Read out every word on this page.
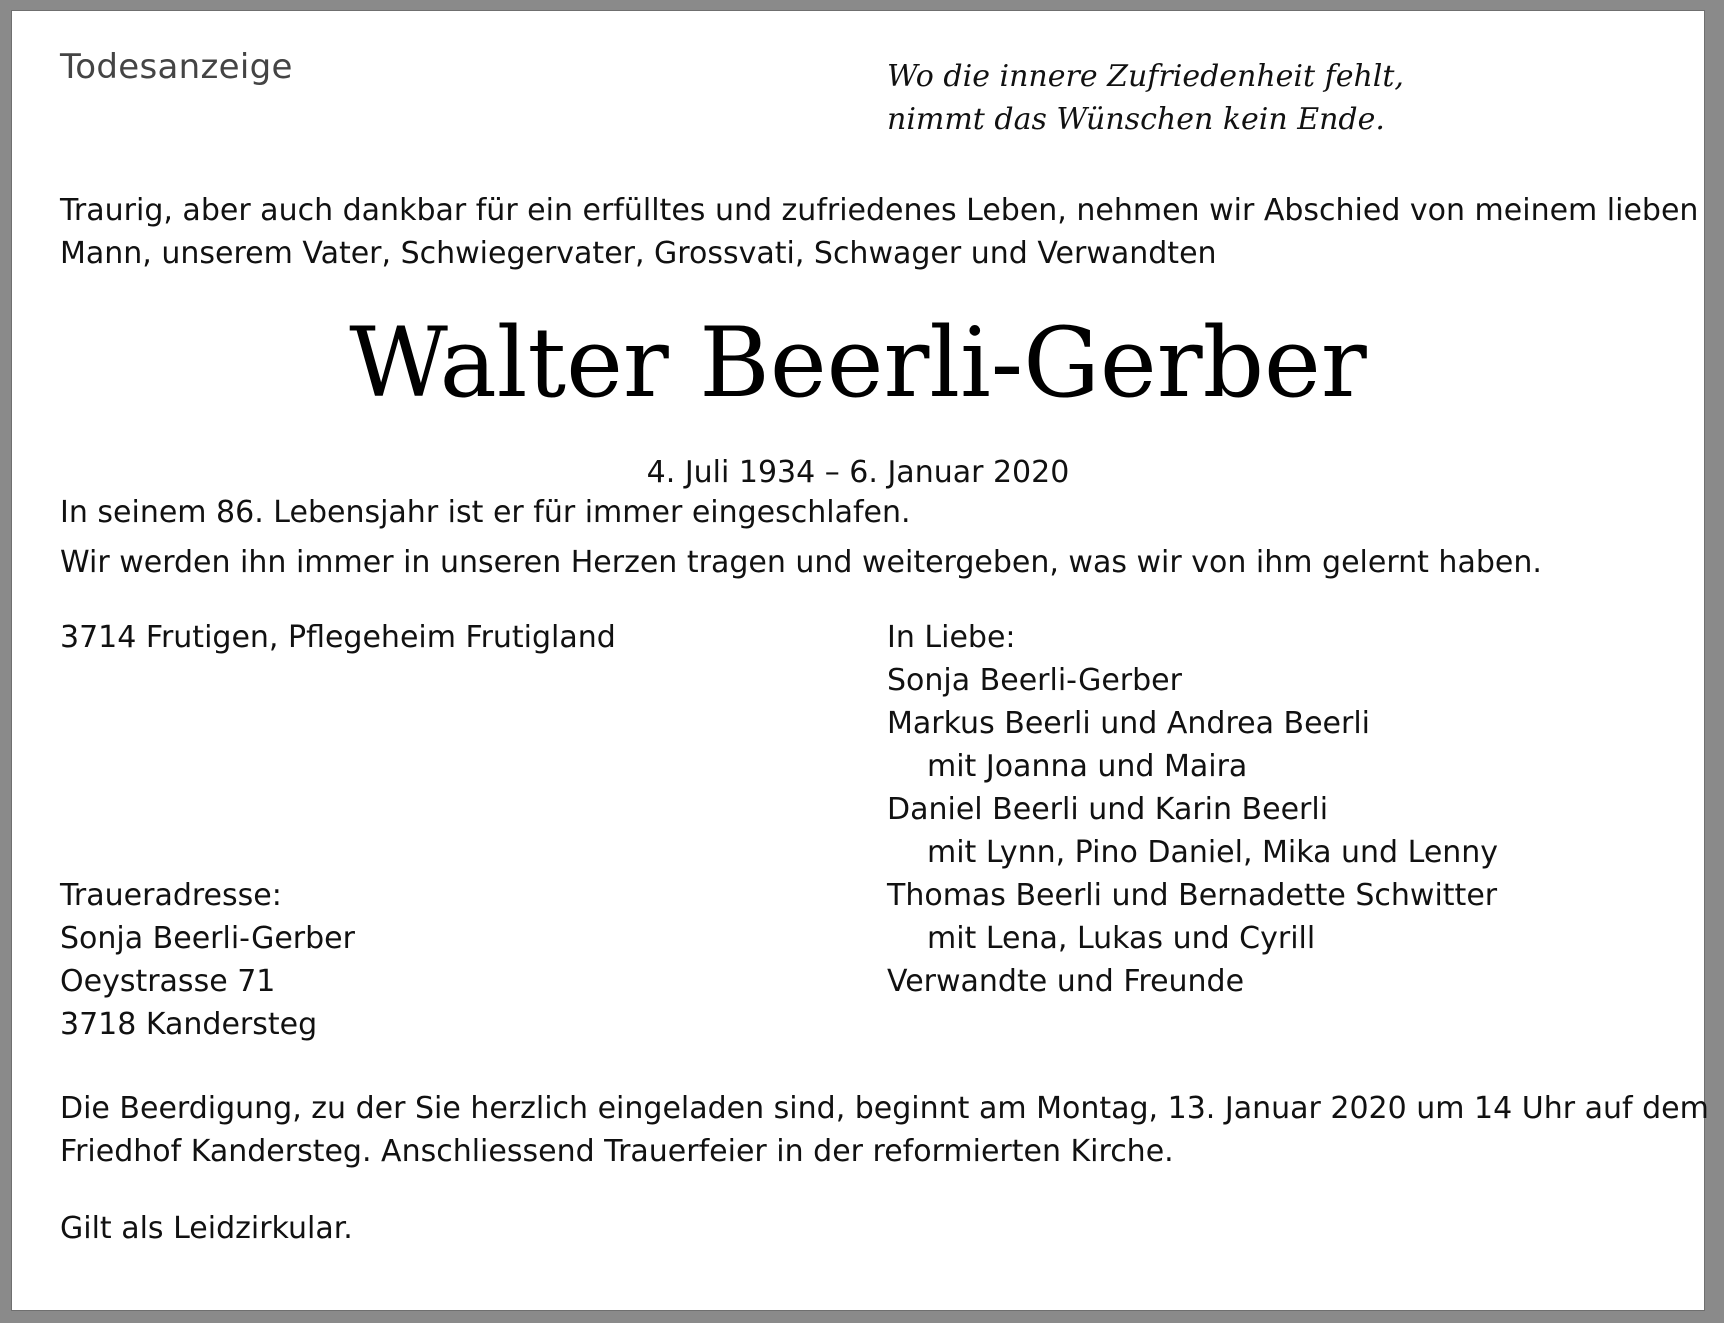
Todesanzeige	Wo die innere Zufriedenheit fehlt,
nimmt das Wünschen kein Ende.
Traurig, aber auch dankbar für ein erfülltes und zufriedenes Leben, nehmen wir Abschied von meinem lieben
Mann, unserem Vater, Schwiegervater, Grossvati, Schwager und Verwandten
Walter Beerli-Gerber
4. Juli 1934 – 6. Januar 2020
In seinem 86. Lebensjahr ist er für immer eingeschlafen.
Wir werden ihn immer in unseren Herzen tragen und weitergeben, was wir von ihm gelernt haben.
3714 Frutigen, Pflegeheim Frutigland	In Liebe:
Sonja Beerli-Gerber
Markus Beerli und Andrea Beerli
mit Joanna und Maira
Daniel Beerli und Karin Beerli
mit Lynn, Pino Daniel, Mika und Lenny
Thomas Beerli und Bernadette Schwitter
mit Lena, Lukas und Cyrill
Verwandte und Freunde
Traueradresse:
Sonja Beerli-Gerber
Oeystrasse 71
3718 Kandersteg
Die Beerdigung, zu der Sie herzlich eingeladen sind, beginnt am Montag, 13. Januar 2020 um 14 Uhr auf dem
Friedhof Kandersteg. Anschliessend Trauerfeier in der reformierten Kirche.
Gilt als Leidzirkular.
